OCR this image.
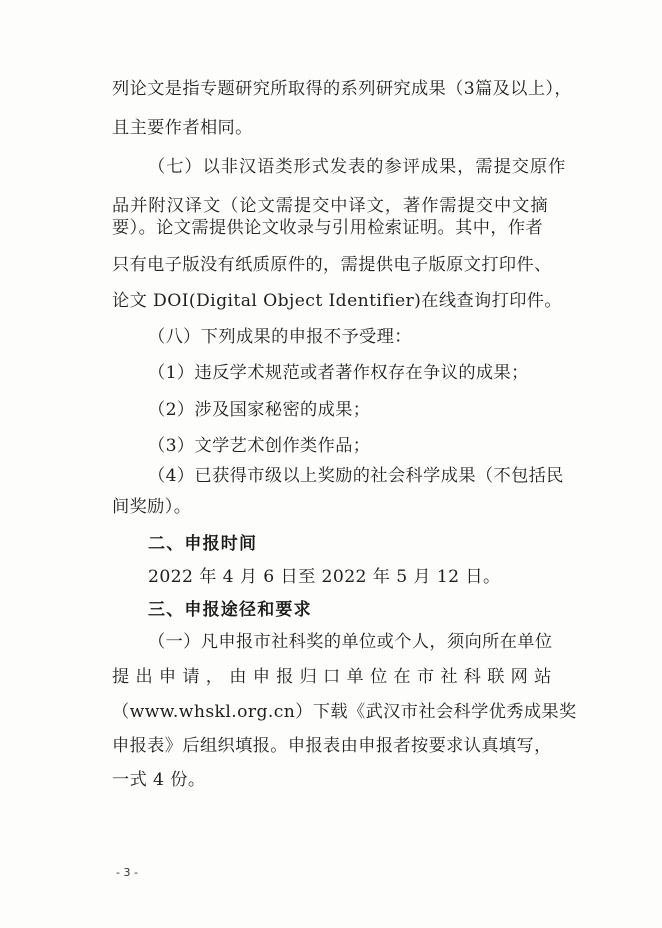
列论文是指专题研究所取得的系列研究成果（3篇及以上），
且主要作者相同。
（七）以非汉语类形式发表的参评成果，需提交原作
品并附汉译文（论文需提交中译文，著作需提交中文摘
要）。论文需提供论文收录与引用检索证明。其中，作者
只有电子版没有纸质原件的，需提供电子版原文打印件、
论文 DOI(Digital Object Identifier)在线查询打印件。
（八）下列成果的申报不予受理：
（1）违反学术规范或者著作权存在争议的成果；
（2）涉及国家秘密的成果；
（3）文学艺术创作类作品；
（4）已获得市级以上奖励的社会科学成果（不包括民
间奖励）。
二、申报时间
2022 年 4 月 6 日至 2022 年 5 月 12 日。
三、申报途径和要求
（一）凡申报市社科奖的单位或个人，须向所在单位
提 出 申 请 ， 由 申 报 归 口 单 位 在 市 社 科 联 网 站
（www.whskl.org.cn）下载《武汉市社会科学优秀成果奖
申报表》后组织填报。申报表由申报者按要求认真填写，
一式 4 份。
- 3 -
